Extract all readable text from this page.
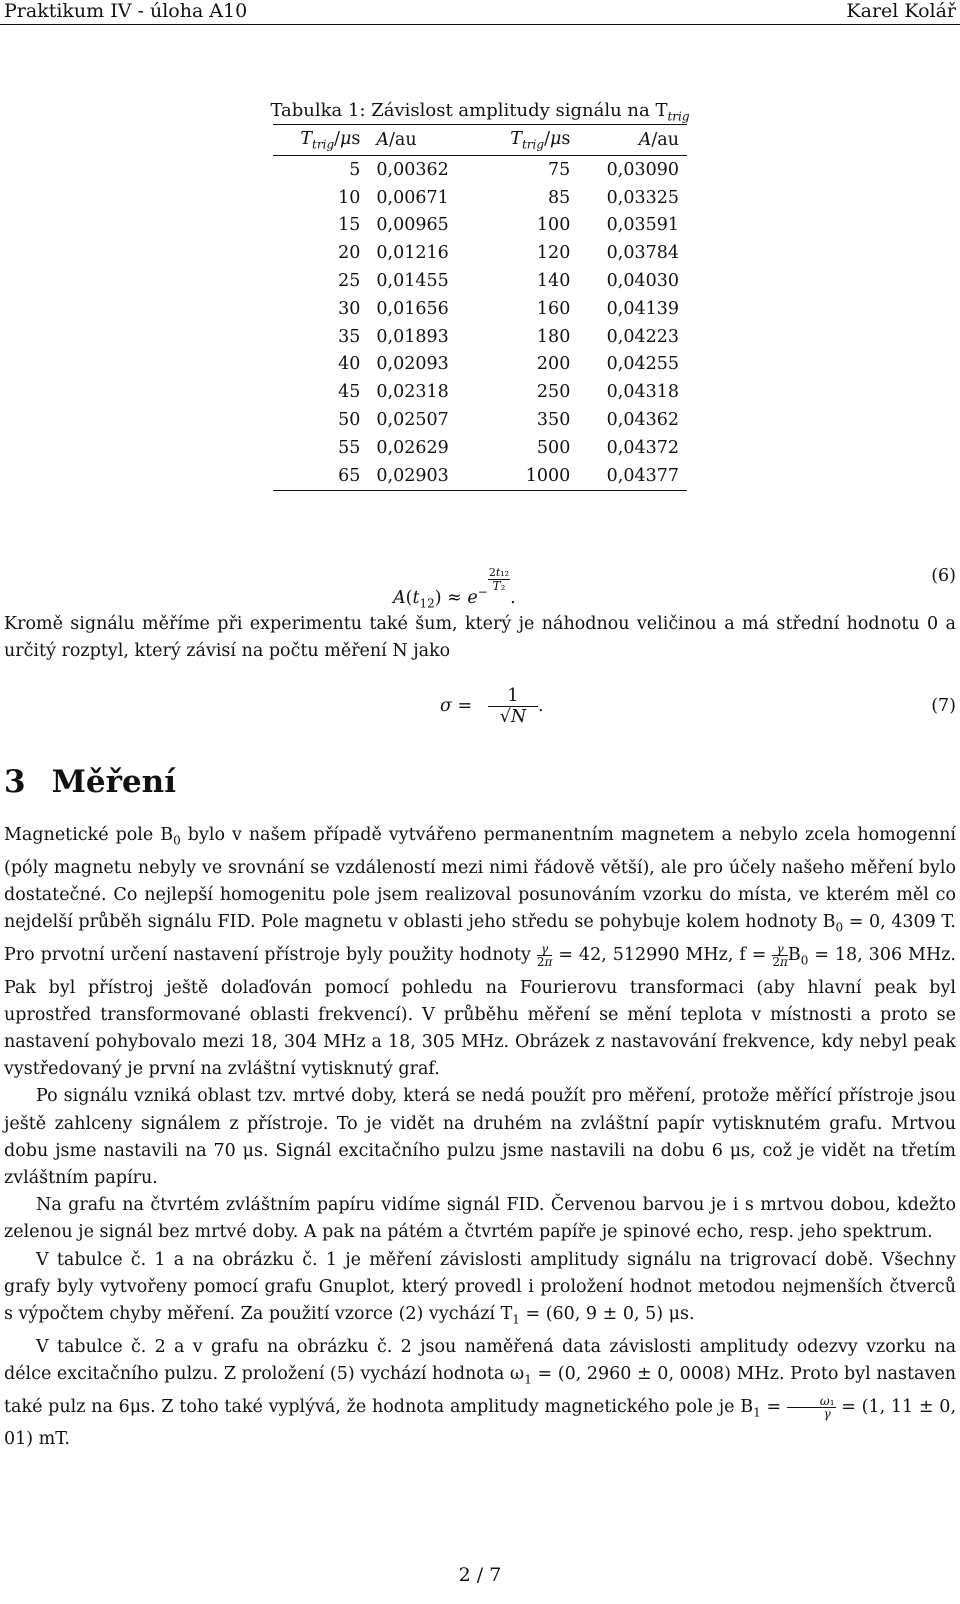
Praktikum IV - úloha A10	Karel Kolář
Tabulka 1: Závislost amplitudy signálu na $T_{trig}$
$T_{trig}/\mu s$	A/au	$T_{trig}/\mu s$	A/au
5	0,00362	75	0,03090
10	0,00671	85	0,03325
15	0,00965	100	0,03591
20	0,01216	120	0,03784
25	0,01455	140	0,04030
30	0,01656	160	0,04139
35	0,01893	180	0,04223
40	0,02093	200	0,04255
45	0,02318	250	0,04318
50	0,02507	350	0,04362
55	0,02629	500	0,04372
65	0,02903	1000	0,04377
$A(t_{12}) \approx e^{- \frac{\text{2t₁₂}}{\text{T₂}}}$
.
(6)

Kromě signálu měříme při experimentu také šum, který je náhodnou veličinou a má střední hodnotu 0 a určitý rozptyl, který závisí na počtu měření N jako

σ =	1
√N
.	(7)
3 Měření

Magnetické pole $B_0$ bylo v našem případě vytvářeno permanentním magnetem a nebylo zcela homogenní (póly magnetu nebyly ve srovnání se vzdáleností mezi nimi řádově větší), ale pro účely našeho měření bylo dostatečné. Co nejlepší homogenitu pole jsem realizoval posunováním vzorku do místa, ve kterém měl co nejdelší průběh signálu FID. Pole magnetu v oblasti jeho středu se pohybuje kolem hodnoty $B_0 = 0$, 4309 T. Pro prvotní určení nastavení přístroje byly použity hodnoty $\frac{\gamma}{2\pi} = 42$, 512990 MHz, $f = \frac{\gamma}{2\pi} B_0 = 18$, 306 MHz. Pak byl přístroj ještě dolaďován pomocí pohledu na Fourierovu transformaci (aby hlavní peak byl uprostřed transformované oblasti frekvencí). V průběhu měření se mění teplota v místnosti a proto se nastavení pohybovalo mezi 18, 304 MHz a 18, 305 MHz. Obrázek z nastavování frekvence, kdy nebyl peak vystředovaný je první na zvláštní vytisknutý graf.

Po signálu vzniká oblast tzv. mrtvé doby, která se nedá použít pro měření, protože měřící přístroje jsou ještě zahlceny signálem z přístroje. To je vidět na druhém na zvláštní papír vytisknutém grafu. Mrtvou dobu jsme nastavili na 70 μs. Signál excitačního pulzu jsme nastavili na dobu 6 μs, což je vidět na třetím zvláštním papíru.

Na grafu na čtvrtém zvláštním papíru vidíme signál FID. Červenou barvou je i s mrtvou dobou, kdežto zelenou je signál bez mrtvé doby. A pak na pátém a čtvrtém papíře je spinové echo, resp. jeho spektrum.

V tabulce č. 1 a na obrázku č. 1 je měření závislosti amplitudy signálu na trigrovací době. Všechny grafy byly vytvořeny pomocí grafu Gnuplot, který provedl i proložení hodnot metodou nejmenších čtverců s výpočtem chyby měření. Za použití vzorce (2) vychází $T_1 = (60$, 9 ± 0, 5) μs.

V tabulce č. 2 a v grafu na obrázku č. 2 jsou naměřená data závislosti amplitudy odezvy vzorku na délce excitačního pulzu. Z proložení (5) vychází hodnota $\omega_1 = (0$, 2960 ± 0, 0008) MHz. Proto byl nastaven také pulz na 6μs. Z toho také vyplývá, že hodnota amplitudy magnetického pole je $B_1 = \frac{\text{ω₁}}{\gamma} = (1$, 11 ± 0, 01) mT.

2 / 7
